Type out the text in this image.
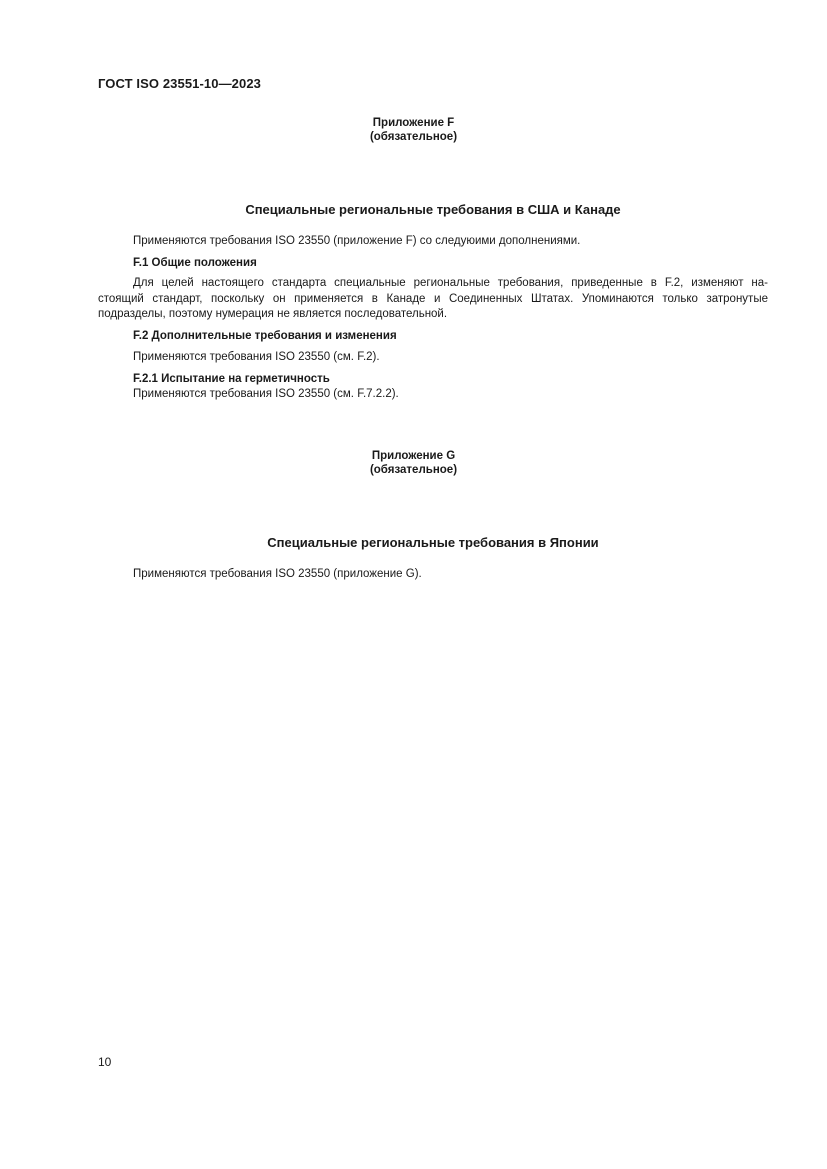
ГОСТ ISO 23551-10—2023
Приложение F
(обязательное)
Специальные региональные требования в США и Канаде
Применяются требования ISO 23550 (приложение F) со следуюими дополнениями.
F.1 Общие положения
Для целей настоящего стандарта специальные региональные требования, приведенные в F.2, изменяют на-
стоящий стандарт, поскольку он применяется в Канаде и Соединенных Штатах. Упоминаются только затронутые
подразделы, поэтому нумерация не является последовательной.
F.2 Дополнительные требования и изменения
Применяются требования ISO 23550 (см. F.2).
F.2.1 Испытание на герметичность
Применяются требования ISO 23550 (см. F.7.2.2).
Приложение G
(обязательное)
Специальные региональные требования в Японии
Применяются требования ISO 23550 (приложение G).
10
